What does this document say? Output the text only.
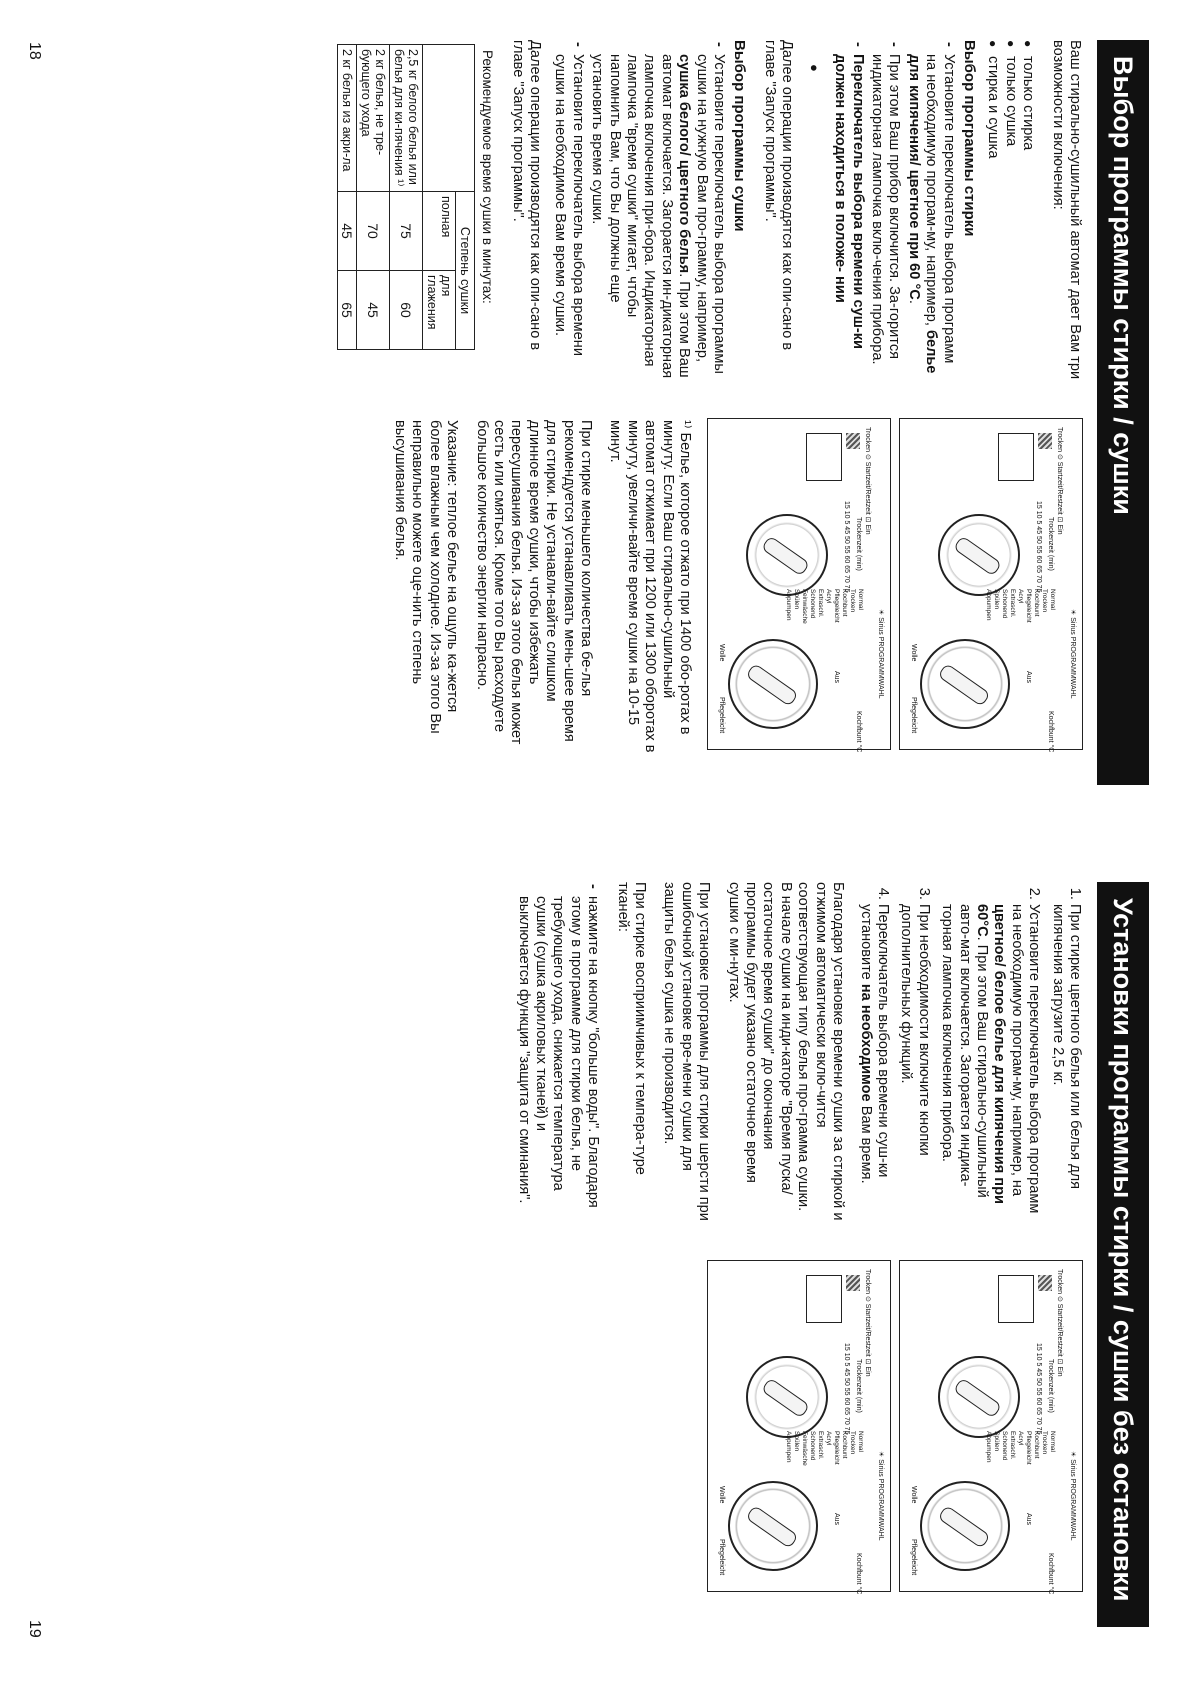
Выбор программы стирки / сушки

Ваш стирально-сушильный автомат дает Вам три возможности включения:

● только стирка
● только сушка
● стирка и сушка
Выбор программы стирки
- Установите переключатель выбора программ на необходимую програм-му, например, белье для кипячения/ цветное при 60 °C.
- При этом Ваш прибор включится. За-горится индикаторная лампочка вклю-чения прибора.
- Переключатель выбора времени суш-ки должен находиться в положе- нии
●

Далее операции производятся как опи-сано в главе "Запуск программы".

Выбор программы сушки
- Установите переключатель выбора программы сушки на нужную Вам про-грамму, например, сушка белого/ цветного белья. При этом Ваш автомат включается. Загорается ин-дикаторная лампочка включения при-бора. Индикаторная лампочка "время сушки" мигает, чтобы напомнить Вам, что Вы должны еще установить время сушки.
- Установите переключатель выбора времени сушки на необходимое Вам время сушки.

Далее операции производятся как опи-сано в главе "Запуск программы".

Рекомендуемое время сушки в минутах:
	Степень сушки	
	полная	для глажения
2,5 кг белого белья или белья для ки-пячения ¹⁾	75	60
2 кг белья, не тре-бующего ухода	70	45
2 кг белья из акри-ла	45	65
Trocken ⊙ Startzeit/Restzeit ⊡ Ein
☀ Sirius PROGRAMMWAHL
15 10 5 45 50 55 60 65 70 75 Trockenzeit (min)
Normal
Trocken
Kochbunt
Pflegeleicht
Acryl
Extraschl.
Schonend
Spülen
Abpumpen
Aus
Kochfbunt °C
Wolle
Pflegeleicht
Trocken ⊙ Startzeit/Restzeit ⊡ Ein
☀ Sirius PROGRAMMWAHL
15 10 5 45 50 55 60 65 70 75 Trockenzeit (min)
Normal
Trocken
Kochbunt
Pflegeleicht
Acryl
Extraschl.
Schonend
Feinwäsche
Spülen
Abpumpen
Aus
Kochfbunt °C
Wolle
Pflegeleicht

¹⁾ Белье, которое отжато при 1400 обо-ротах в минуту. Если Ваш стирально-сушильный автомат отжимает при 1200 или 1300 оборотах в минуту, увеличи-вайте время сушки на 10-15 минут.

При стирке меньшего количества бе-лья рекомендуется устанавливать мень-шее время для стирки. Не устанавли-вайте слишком длинное время сушки, чтобы избежать пересушивания белья. Из-за этого белья может сесть или смяться. Кроме того Вы расходуете большое количество энергии напрасно.

Указание: теплое белье на ощупь ка-жется более влажным чем холодное. Из-за этого Вы неправильно можете оце-нить степень высушивания белья.

18
Установки программы стирки / сушки без остановки
1. При стирке цветного белья или белья для кипячения загрузите 2,5 кг.
2. Установите переключатель выбора программ на необходимую програм-му, например, на цветное/ белое белье для кипячения при 60°C. При этом Ваш стирально-сушильный авто-мат включается. Загорается индика-торная лампочка включения прибора.
3. При необходимости включите кнопки дополнительных функций.
4. Переключатель выбора времени суш-ки установите на необходимое Вам время.

Благодаря установке времени сушки за стиркой и отжимом автоматически вклю-чится соответствующая типу белья про-грамма сушки. В начале сушки на инди-каторе "Время пуска/остаточное время сушки" до окончания программы будет указано остаточное время сушки с ми-нутах.

При установке программы для стирки шерсти при ошибочной установке вре-мени сушки для защиты белья сушка не производится.

При стирке восприимчивых к темпера-туре тканей:

- нажмите на кнопку "больше воды". Благодаря этому в программе для стирки белья, не требующего ухода, снижается температура сушки (сушка акриловых тканей) и выключается функция "защита от сминания".
Trocken ⊙ Startzeit/Restzeit ⊡ Ein
☀ Sirius PROGRAMMWAHL
15 10 5 45 50 55 60 65 70 75 Trockenzeit (min)
Normal
Trocken
Kochbunt
Pflegeleicht
Acryl
Extraschl.
Schonend
Spülen
Abpumpen
Aus
Kochfbunt °C
Wolle
Pflegeleicht
Trocken ⊙ Startzeit/Restzeit ⊡ Ein
☀ Sirius PROGRAMMWAHL
15 10 5 45 50 55 60 65 70 75 Trockenzeit (min)
Normal
Trocken
Kochbunt
Pflegeleicht
Acryl
Extraschl.
Schonend
Feinwäsche
Spülen
Abpumpen
Aus
Kochfbunt °C
Wolle
Pflegeleicht
19
